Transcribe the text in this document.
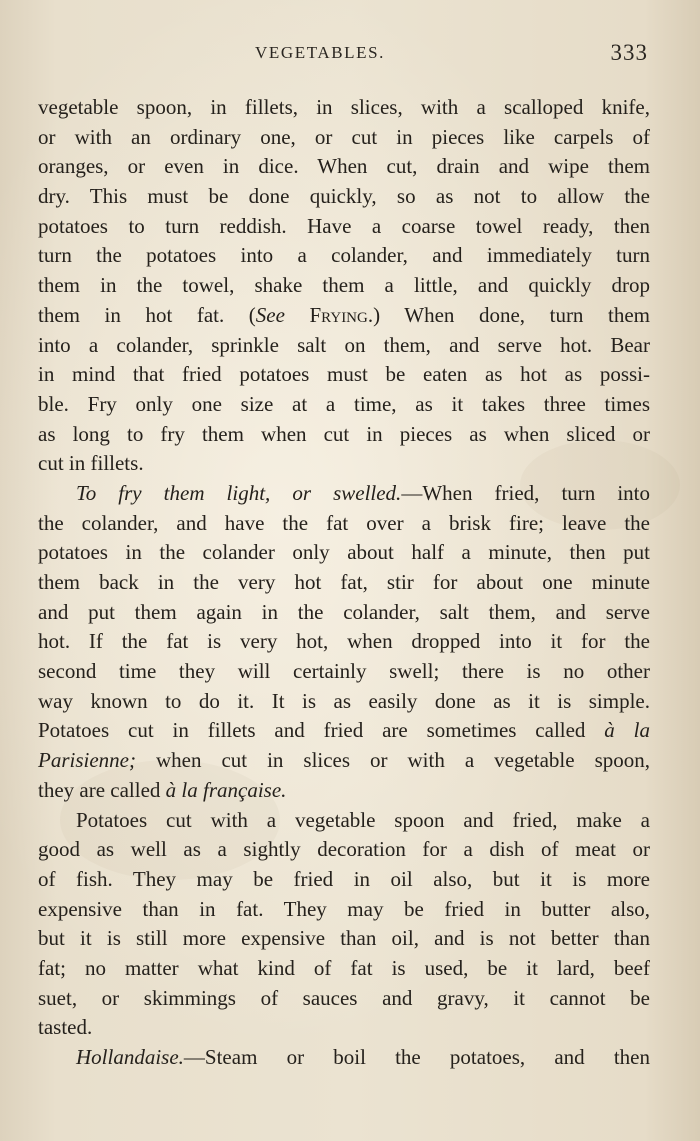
VEGETABLES.	333
vegetable spoon, in fillets, in slices, with a scalloped knife,
or with an ordinary one, or cut in pieces like carpels of
oranges, or even in dice. When cut, drain and wipe them
dry. This must be done quickly, so as not to allow the
potatoes to turn reddish. Have a coarse towel ready, then
turn the potatoes into a colander, and immediately turn
them in the towel, shake them a little, and quickly drop
them in hot fat. (See Frying.) When done, turn them
into a colander, sprinkle salt on them, and serve hot. Bear
in mind that fried potatoes must be eaten as hot as possi-
ble. Fry only one size at a time, as it takes three times
as long to fry them when cut in pieces as when sliced or
cut in fillets.
To fry them light, or swelled.—When fried, turn into
the colander, and have the fat over a brisk fire; leave the
potatoes in the colander only about half a minute, then put
them back in the very hot fat, stir for about one minute
and put them again in the colander, salt them, and serve
hot. If the fat is very hot, when dropped into it for the
second time they will certainly swell; there is no other
way known to do it. It is as easily done as it is simple.
Potatoes cut in fillets and fried are sometimes called à la
Parisienne; when cut in slices or with a vegetable spoon,
they are called à la française.
Potatoes cut with a vegetable spoon and fried, make a
good as well as a sightly decoration for a dish of meat or
of fish. They may be fried in oil also, but it is more
expensive than in fat. They may be fried in butter also,
but it is still more expensive than oil, and is not better than
fat; no matter what kind of fat is used, be it lard, beef
suet, or skimmings of sauces and gravy, it cannot be
tasted.
Hollandaise.—Steam or boil the potatoes, and then
